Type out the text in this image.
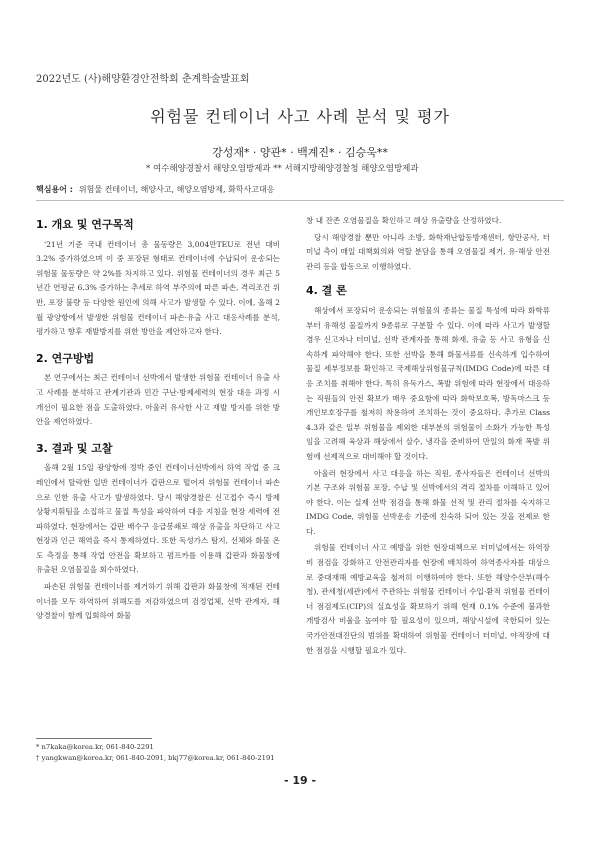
2022년도 (사)해양환경안전학회 춘계학술발표회
위험물 컨테이너 사고 사례 분석 및 평가
강성재* · 양관* · 백계진* · 김승욱**
* 여수해양경찰서 해양오염방제과 ** 서해지방해양경찰청 해양오염방제과
핵심용어 : 위험물 컨테이너, 해양사고, 해양오염방제, 화학사고대응
1. 개요 및 연구목적

'21년 기준 국내 컨테이너 총 물동량은 3,004만TEU로 전년 대비 3.2% 증가하였으며 이 중 포장된 형태로 컨테이너에 수납되어 운송되는 위험물 물동량은 약 2%를 차지하고 있다. 위험물 컨테이너의 경우 최근 5년간 연평균 6.3% 증가하는 추세로 하역 부주의에 따른 파손, 격리조건 위반, 포장 불량 등 다양한 원인에 의해 사고가 발생할 수 있다. 이에, 올해 2월 광양항에서 발생한 위험물 컨테이너 파손·유출 사고 대응사례를 분석, 평가하고 향후 재발방지를 위한 방안을 제안하고자 한다.

2. 연구방법

본 연구에서는 최근 컨테이너 선박에서 발생한 위험물 컨테이너 유출 사고 사례를 분석하고 관계기관과 민간 구난·방제세력의 현장 대응 과정 시 개선이 필요한 점을 도출하였다. 아울러 유사한 사고 재발 방지를 위한 방안을 제언하였다.

3. 결과 및 고찰

올해 2월 15일 광양항에 정박 중인 컨테이너선박에서 하역 작업 중 크레인에서 탈락한 일반 컨테이너가 갑판으로 떨어져 위험물 컨테이너 파손으로 인한 유출 사고가 발생하였다. 당시 해양경찰은 신고접수 즉시 방제상황지휘팀을 소집하고 물질 특성을 파악하여 대응 지침을 현장 세력에 전파하였다. 현장에서는 갑판 배수구 응급봉쇄로 해상 유출을 차단하고 사고 현장과 인근 해역을 즉시 통제하였다. 또한 독성가스 탐지, 선체와 화물 온도 측정을 통해 작업 안전을 확보하고 펌프카를 이용해 갑판과 화물창에 유출된 오염물질을 회수하였다.

파손된 위험물 컨테이너를 제거하기 위해 갑판과 화물창에 적재된 컨테이너를 모두 하역하여 위해도를 저감하였으며 검정업체, 선박 관계자, 해양경찰이 함께 입회하여 화물

창 내 잔존 오염물질을 확인하고 해상 유출량을 산정하였다.

당시 해양경찰 뿐만 아니라 소방, 화학재난합동방재센터, 항만공사, 터미널 측이 매일 대책회의와 역할 분담을 통해 오염물질 제거, 유·해상 안전관리 등을 합동으로 이행하였다.

4. 결 론

해상에서 포장되어 운송되는 위험물의 종류는 물질 특성에 따라 화학류부터 유해성 물질까지 9종류로 구분할 수 있다. 이에 따라 사고가 발생할 경우 신고자나 터미널, 선박 관계자를 통해 화재, 유출 등 사고 유형을 신속하게 파악해야 한다. 또한 선박을 통해 화물서류를 신속하게 입수하여 물질 세부정보를 확인하고 국제해상위험물규칙(IMDG Code)에 따른 대응 조치를 취해야 한다. 특히 유독가스, 폭발 위험에 따라 현장에서 대응하는 직원들의 안전 확보가 매우 중요함에 따라 화학보호복, 방독마스크 등 개인보호장구를 철저히 착용하여 조치하는 것이 중요하다. 추가로 Class 4.3과 같은 일부 위험물을 제외한 대부분의 위험물이 소화가 가능한 특성임을 고려해 육상과 해상에서 살수, 냉각을 준비하여 만일의 화재 폭발 위험에 선제적으로 대비해야 할 것이다.

아울러 현장에서 사고 대응을 하는 직원, 종사자들은 컨테이너 선박의 기본 구조와 위험물 포장, 수납 및 선박에서의 격리 절차를 이해하고 있어야 한다. 이는 실제 선박 점검을 통해 화물 선적 및 관리 절차를 숙지하고 IMDG Code, 위험물 선박운송 기준에 친숙하 되어 있는 것을 전제로 한다.

위험물 컨테이너 사고 예방을 위한 현장대책으로 터미널에서는 하역장비 점검을 강화하고 안전관리자를 현장에 배치하여 하역종사자를 대상으로 중대재해 예방교육을 철저히 이행하여야 한다. 또한 해양수산부(해수청), 관세청(세관)에서 주관하는 위험물 컨테이너 수입·환적 위험물 컨테이너 점검제도(CIP)의 실효성을 확보하기 위해 현재 0.1% 수준에 불과한 개방검사 비율을 높여야 할 필요성이 있으며, 해양시설에 국한되어 있는 국가안전대진단의 범위를 확대하여 위험물 컨테이너 터미널, 야적장에 대한 점검을 시행할 필요가 있다.

- 19 -
* n7kaka@korea.kr, 061-840-2291
† yangkwan@korea.kr, 061-840-2091, bkj77@korea.kr, 061-840-2191
